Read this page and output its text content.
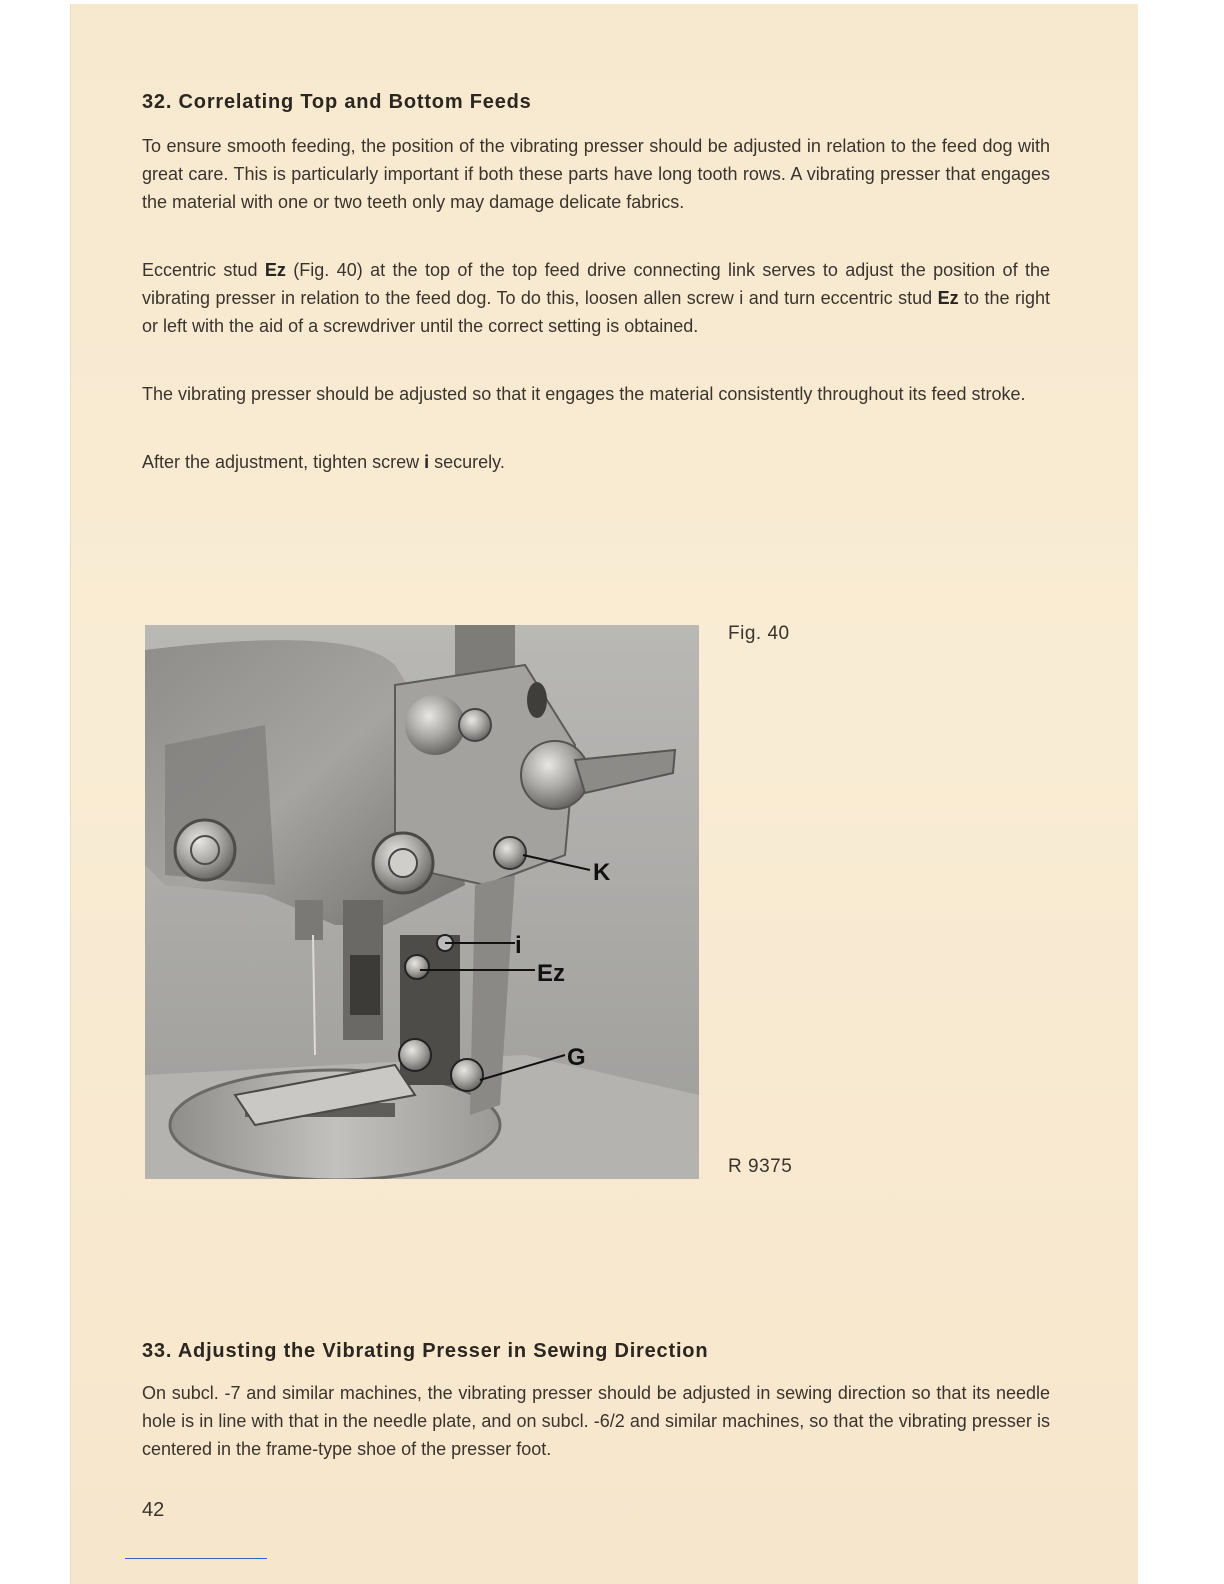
32. Correlating Top and Bottom Feeds

To ensure smooth feeding, the position of the vibrating presser should be adjusted in relation to the feed dog with great care. This is particularly important if both these parts have long tooth rows. A vibrating presser that engages the material with one or two teeth only may damage delicate fabrics.

Eccentric stud Ez (Fig. 40) at the top of the top feed drive connecting link serves to adjust the position of the vibrating presser in relation to the feed dog. To do this, loosen allen screw i and turn eccentric stud Ez to the right or left with the aid of a screwdriver until the correct setting is obtained.

The vibrating presser should be adjusted so that it engages the material consistently throughout its feed stroke.

After the adjustment, tighten screw i securely.

K
i
Ez
G
Fig. 40
R 9375
33. Adjusting the Vibrating Presser in Sewing Direction

On subcl. -7 and similar machines, the vibrating presser should be adjusted in sewing direction so that its needle hole is in line with that in the needle plate, and on subcl. -6/2 and similar machines, so that the vibrating presser is centered in the frame-type shoe of the presser foot.

42
